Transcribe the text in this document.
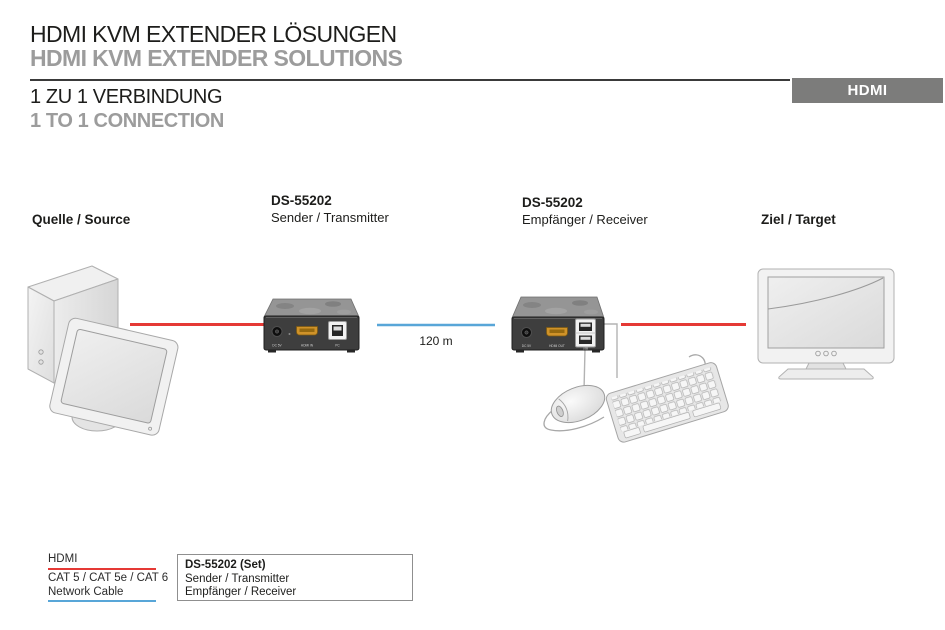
HDMI KVM EXTENDER LÖSUNGEN
HDMI KVM EXTENDER SOLUTIONS
HDMI
1 ZU 1 VERBINDUNG
1 TO 1 CONNECTION
Quelle / Source
DS-55202
Sender / Transmitter
DS-55202
Empfänger / Receiver	Ziel / Target
120 m
DC 5V	HDMI IN	PC	DC 5V	HDMI OUT
USB
HDMI
CAT 5 / CAT 5e / CAT 6
Network Cable
DS-55202 (Set)
Sender / Transmitter
Empfänger / Receiver
